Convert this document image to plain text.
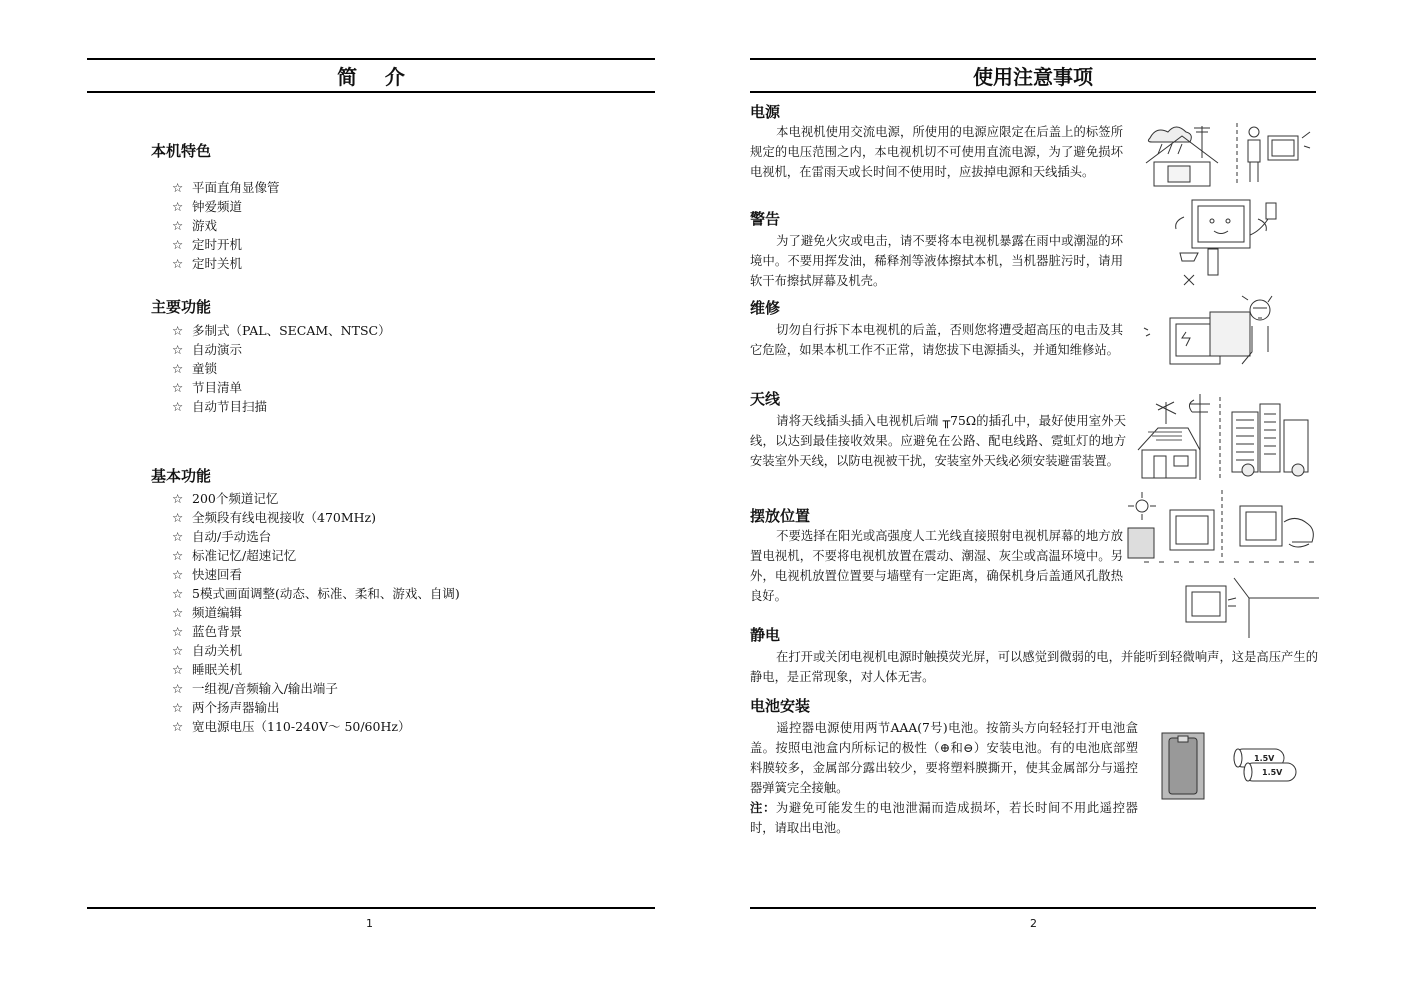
简    介
本机特色
☆ 平面直角显像管
☆ 钟爱频道
☆ 游戏
☆ 定时开机
☆ 定时关机
主要功能
☆ 多制式（PAL、SECAM、NTSC）
☆ 自动演示
☆ 童锁
☆ 节目清单
☆ 自动节目扫描
基本功能
☆ 200个频道记忆
☆ 全频段有线电视接收（470MHz)
☆ 自动/手动选台
☆ 标准记忆/超速记忆
☆ 快速回看
☆ 5模式画面调整(动态、标准、柔和、游戏、自调)
☆ 频道编辑
☆ 蓝色背景
☆ 自动关机
☆ 睡眠关机
☆ 一组视/音频输入/输出端子
☆ 两个扬声器输出
☆ 宽电源电压（110-240V～ 50/60Hz）
1
使用注意事项
电源

本电视机使用交流电源，所使用的电源应限定在后盖上的标签所规定的电压范围之内，本电视机切不可使用直流电源，为了避免损坏电视机，在雷雨天或长时间不使用时，应拔掉电源和天线插头。

警告

为了避免火灾或电击，请不要将本电视机暴露在雨中或潮湿的环境中。不要用挥发油，稀释剂等液体擦拭本机，当机器脏污时，请用软干布擦拭屏幕及机壳。

维修

切勿自行拆下本电视机的后盖，否则您将遭受超高压的电击及其它危险，如果本机工作不正常，请您拔下电源插头，并通知维修站。

天线

请将天线插头插入电视机后端 ╥75Ω的插孔中，最好使用室外天线，以达到最佳接收效果。应避免在公路、配电线路、霓虹灯的地方安装室外天线，以防电视被干扰，安装室外天线必须安装避雷装置。

摆放位置

不要选择在阳光或高强度人工光线直接照射电视机屏幕的地方放置电视机，不要将电视机放置在震动、潮湿、灰尘或高温环境中。另外，电视机放置位置要与墙壁有一定距离，确保机身后盖通风孔散热良好。

静电

在打开或关闭电视机电源时触摸荧光屏，可以感觉到微弱的电，并能听到轻微响声，这是高压产生的静电，是正常现象，对人体无害。

电池安装

遥控器电源使用两节AAA(7号)电池。按箭头方向轻轻打开电池盒盖。按照电池盒内所标记的极性（⊕和⊖）安装电池。有的电池底部塑料膜较多，金属部分露出较少，要将塑料膜撕开，使其金属部分与遥控器弹簧完全接触。

注：为避免可能发生的电池泄漏而造成损坏，若长时间不用此遥控器时，请取出电池。

1.5V
1.5V
2
